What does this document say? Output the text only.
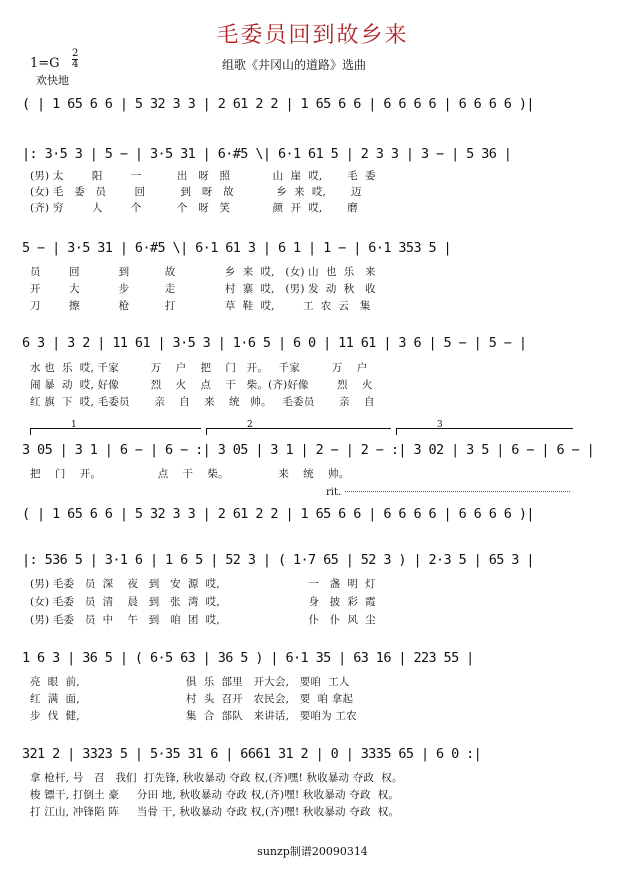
毛委员回到故乡来
1=G
2
4	组歌《井冈山的道路》选曲
欢快地
( | 1 65 6 6 | 5 32 3 3 | 2 61 2 2 | 1 65 6 6 | 6 6 6 6 | 6 6 6 6 )|
|: 3·5 3 | 5 − | 3·5 31 | 6·#5 \| 6·1 61 5 | 2 3 3 | 3 − | 5 36 |
(男) 太        阳        一          出   呀   照            山  崖  哎,       毛  委
(女) 毛   委   员        回          到   呀   故            乡  来  哎,       迈
(齐) 穷        人        个          个   呀   笑            颜  开  哎,       磨
5 − | 3·5 31 | 6·#5 \| 6·1 61 3 | 6 1 | 1 − | 6·1 353 5 |
员        回           到          故              乡  来  哎,   (女) 山  也  乐   来
开        大           步          走              村  寨  哎,   (男) 发  动  秋   收
刀        擦           枪          打              草  鞋  哎,        工  农  云   集
6 3 | 3 2 | 11 61 | 3·5 3 | 1·6 5 | 6 0 | 11 61 | 3 6 | 5 − | 5 − |
水 也  乐  哎, 千家         万    户    把    门   开。   千家         万    户
闹 暴  动  哎, 好像         烈    火    点    干   柴。(齐)好像        烈    火
红 旗  下  哎, 毛委员       亲    自    来    统   帅。   毛委员       亲    自
1	2	3
3 05 | 3 1 | 6 − | 6 − :| 3 05 | 3 1 | 2 − | 2 − :| 3 02 | 3 5 | 6 − | 6 − |
把    门    开。                点    干    柴。              来    统    帅。
rit.
( | 1 65 6 6 | 5 32 3 3 | 2 61 2 2 | 1 65 6 6 | 6 6 6 6 | 6 6 6 6 )|
|: 536 5 | 3·1 6 | 1 6 5 | 52 3 | ( 1·7 65 | 52 3 ) | 2·3 5 | 65 3 |
(男) 毛委   员  深    夜   到   安  源  哎,                         一   盏  明  灯
(女) 毛委   员  清    晨   到   张  湾  哎,                         身   披  彩  霞
(男) 毛委   员  中    午   到   咱  团  哎,                         仆   仆  风  尘
1 6 3 | 36 5 | ( 6·5 63 | 36 5 ) | 6·1 35 | 63 16 | 223 55 |
亮  眼  前,                              俱  乐  部里   开大会,   要咱  工人
红  满  面,                              村  头  召开   农民会,   要  咱 拿起
步  伐  健,                              集  合  部队   来讲话,   要咱为 工农
321 2 | 3323 5 | 5·35 31 6 | 6661 31 2 | 0 | 3335 65 | 6 0 :|
拿 枪杆, 号   召   我们  打先锋, 秋收暴动 夺政 权,(齐)嘿! 秋收暴动 夺政  权。
梭 镖干, 打倒土 豪     分田 地, 秋收暴动 夺政 权,(齐)嘿! 秋收暴动 夺政  权。
打 江山, 冲锋陷 阵     当骨 干, 秋收暴动 夺政 权,(齐)嘿! 秋收暴动 夺政  权。
sunzp制谱20090314
